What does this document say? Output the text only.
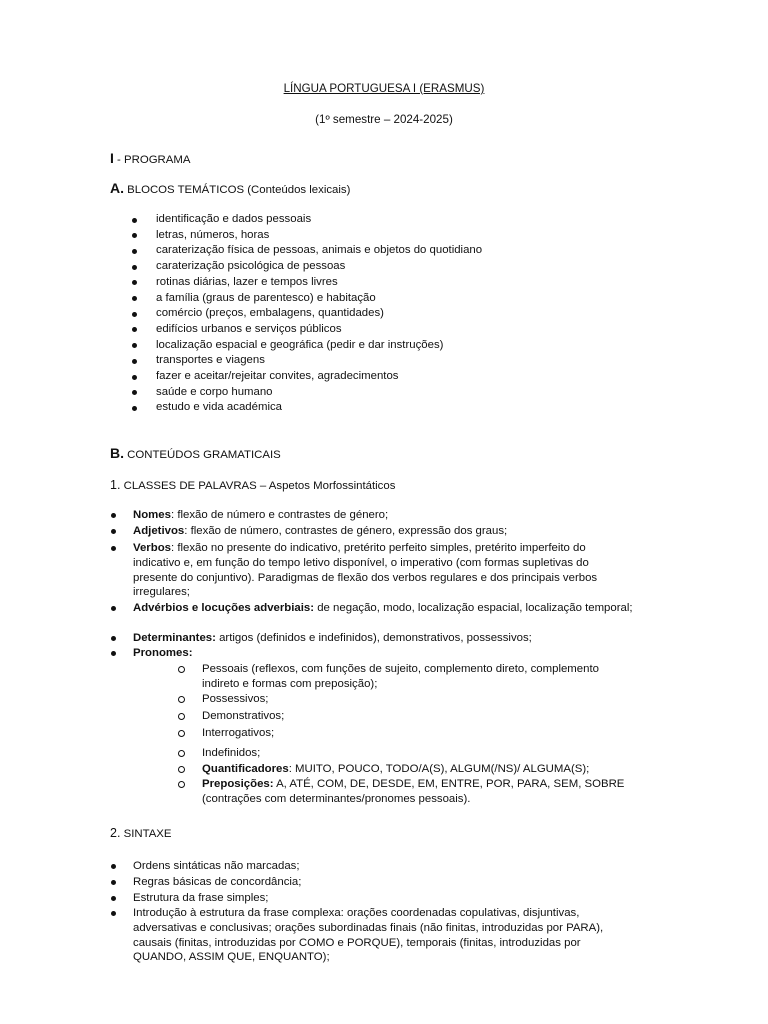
LÍNGUA PORTUGUESA I (ERASMUS)
(1º semestre – 2024-2025)
I - PROGRAMA
A. BLOCOS TEMÁTICOS (Conteúdos lexicais)
identificação e dados pessoais
letras, números, horas
caraterização física de pessoas, animais e objetos do quotidiano
caraterização psicológica de pessoas
rotinas diárias, lazer e tempos livres
a família (graus de parentesco) e habitação
comércio (preços, embalagens, quantidades)
edifícios urbanos e serviços públicos
localização espacial e geográfica (pedir e dar instruções)
transportes e viagens
fazer e aceitar/rejeitar convites, agradecimentos
saúde e corpo humano
estudo e vida académica
B. CONTEÚDOS GRAMATICAIS
1. CLASSES DE PALAVRAS – Aspetos Morfossintáticos
Nomes: flexão de número e contrastes de género;
Adjetivos: flexão de número, contrastes de género, expressão dos graus;
Verbos: flexão no presente do indicativo, pretérito perfeito simples, pretérito imperfeito do indicativo e, em função do tempo letivo disponível, o imperativo (com formas supletivas do presente do conjuntivo). Paradigmas de flexão dos verbos regulares e dos principais verbos irregulares;
Advérbios e locuções adverbiais: de negação, modo, localização espacial, localização temporal;
Determinantes: artigos (definidos e indefinidos), demonstrativos, possessivos;
Pronomes:
Pessoais (reflexos, com funções de sujeito, complemento direto, complemento indireto e formas com preposição);
Possessivos;
Demonstrativos;
Interrogativos;
Indefinidos;
Quantificadores: MUITO, POUCO, TODO/A(S), ALGUM(/NS)/ ALGUMA(S);
Preposições: A, ATÉ, COM, DE, DESDE, EM, ENTRE, POR, PARA, SEM, SOBRE (contrações com determinantes/pronomes pessoais).
2. SINTAXE
Ordens sintáticas não marcadas;
Regras básicas de concordância;
Estrutura da frase simples;
Introdução à estrutura da frase complexa: orações coordenadas copulativas, disjuntivas, adversativas e conclusivas; orações subordinadas finais (não finitas, introduzidas por PARA), causais (finitas, introduzidas por COMO e PORQUE), temporais (finitas, introduzidas por QUANDO, ASSIM QUE, ENQUANTO);
